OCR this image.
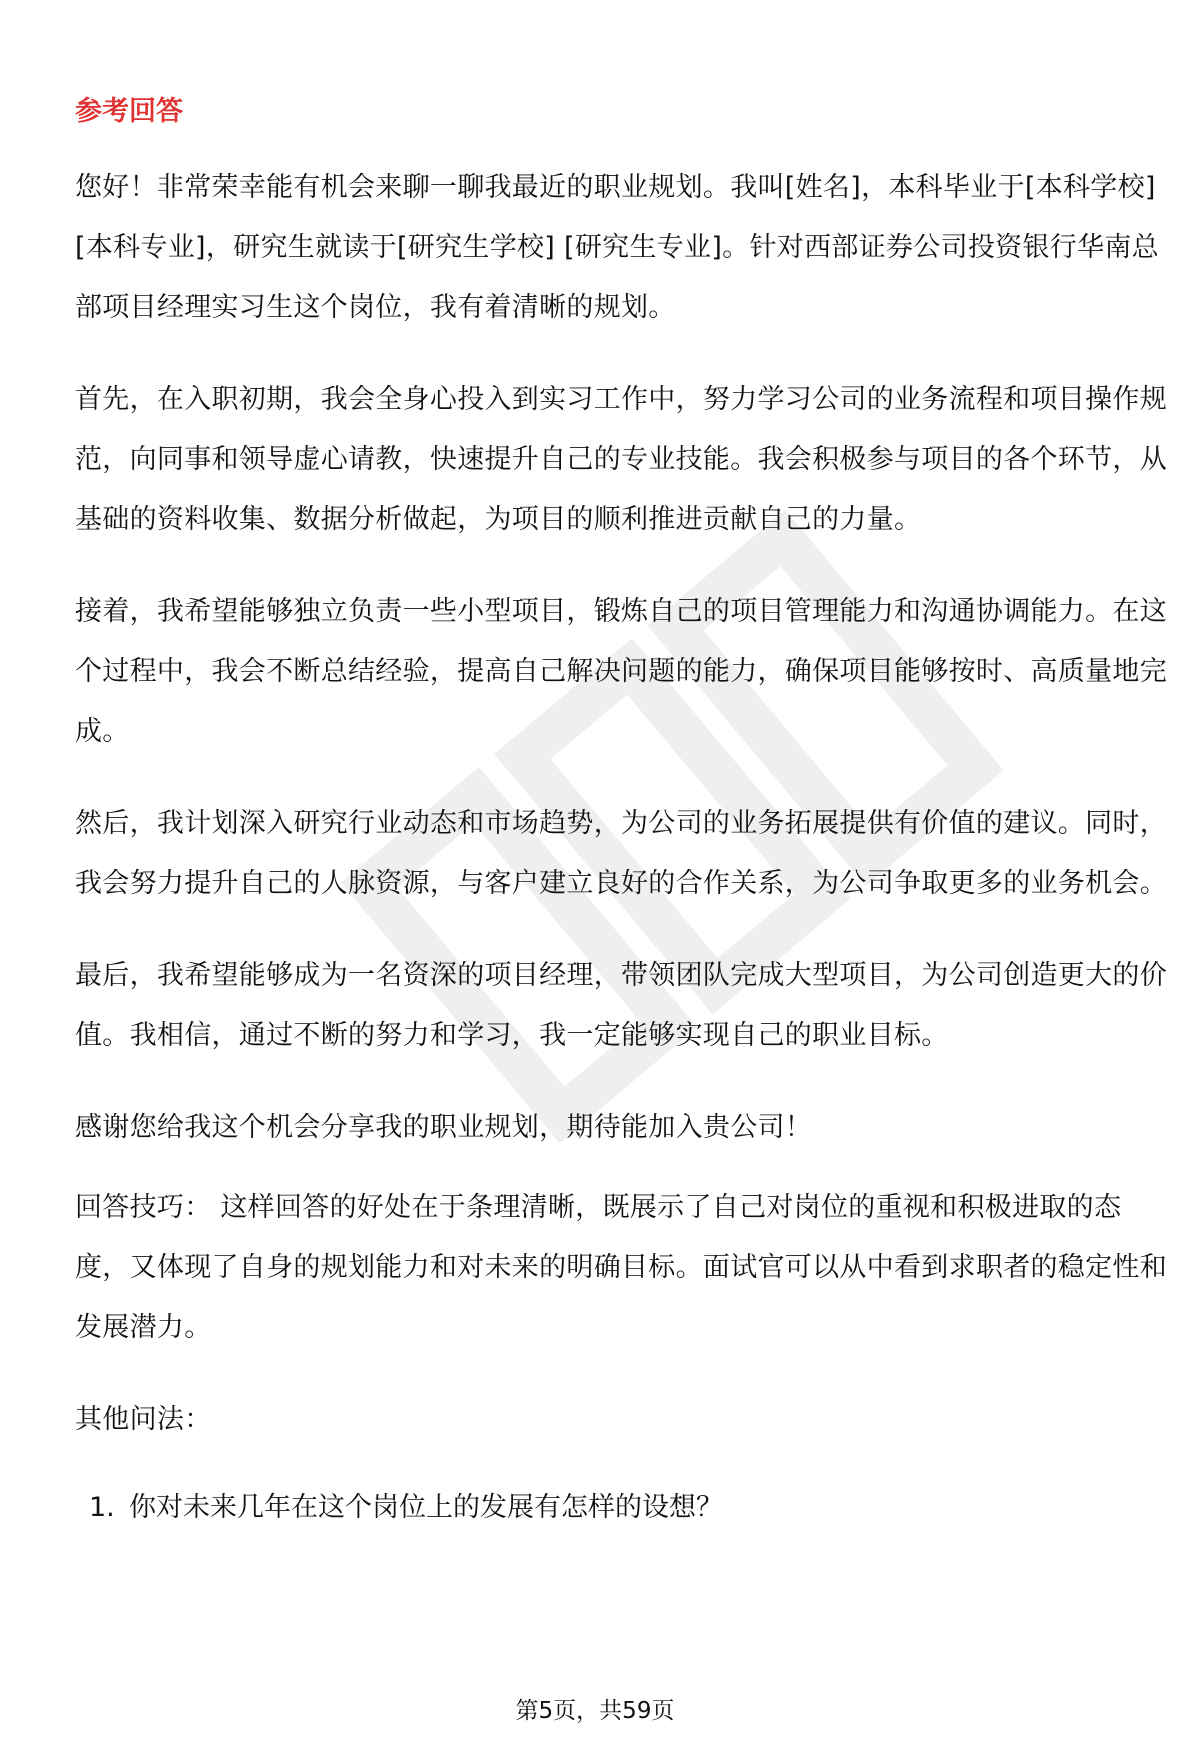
参考回答

您好！非常荣幸能有机会来聊一聊我最近的职业规划。我叫[姓名]，本科毕业于[本科学校] [本科专业]，研究生就读于[研究生学校] [研究生专业]。针对西部证券公司投资银行华南总部项目经理实习生这个岗位，我有着清晰的规划。

首先，在入职初期，我会全身心投入到实习工作中，努力学习公司的业务流程和项目操作规范，向同事和领导虚心请教，快速提升自己的专业技能。我会积极参与项目的各个环节，从基础的资料收集、数据分析做起，为项目的顺利推进贡献自己的力量。

接着，我希望能够独立负责一些小型项目，锻炼自己的项目管理能力和沟通协调能力。在这个过程中，我会不断总结经验，提高自己解决问题的能力，确保项目能够按时、高质量地完成。

然后，我计划深入研究行业动态和市场趋势，为公司的业务拓展提供有价值的建议。同时，我会努力提升自己的人脉资源，与客户建立良好的合作关系，为公司争取更多的业务机会。

最后，我希望能够成为一名资深的项目经理，带领团队完成大型项目，为公司创造更大的价值。我相信，通过不断的努力和学习，我一定能够实现自己的职业目标。

感谢您给我这个机会分享我的职业规划，期待能加入贵公司！

回答技巧： 这样回答的好处在于条理清晰，既展示了自己对岗位的重视和积极进取的态度，又体现了自身的规划能力和对未来的明确目标。面试官可以从中看到求职者的稳定性和发展潜力。

其他问法：

1. 你对未来几年在这个岗位上的发展有怎样的设想？
第5页，共59页
